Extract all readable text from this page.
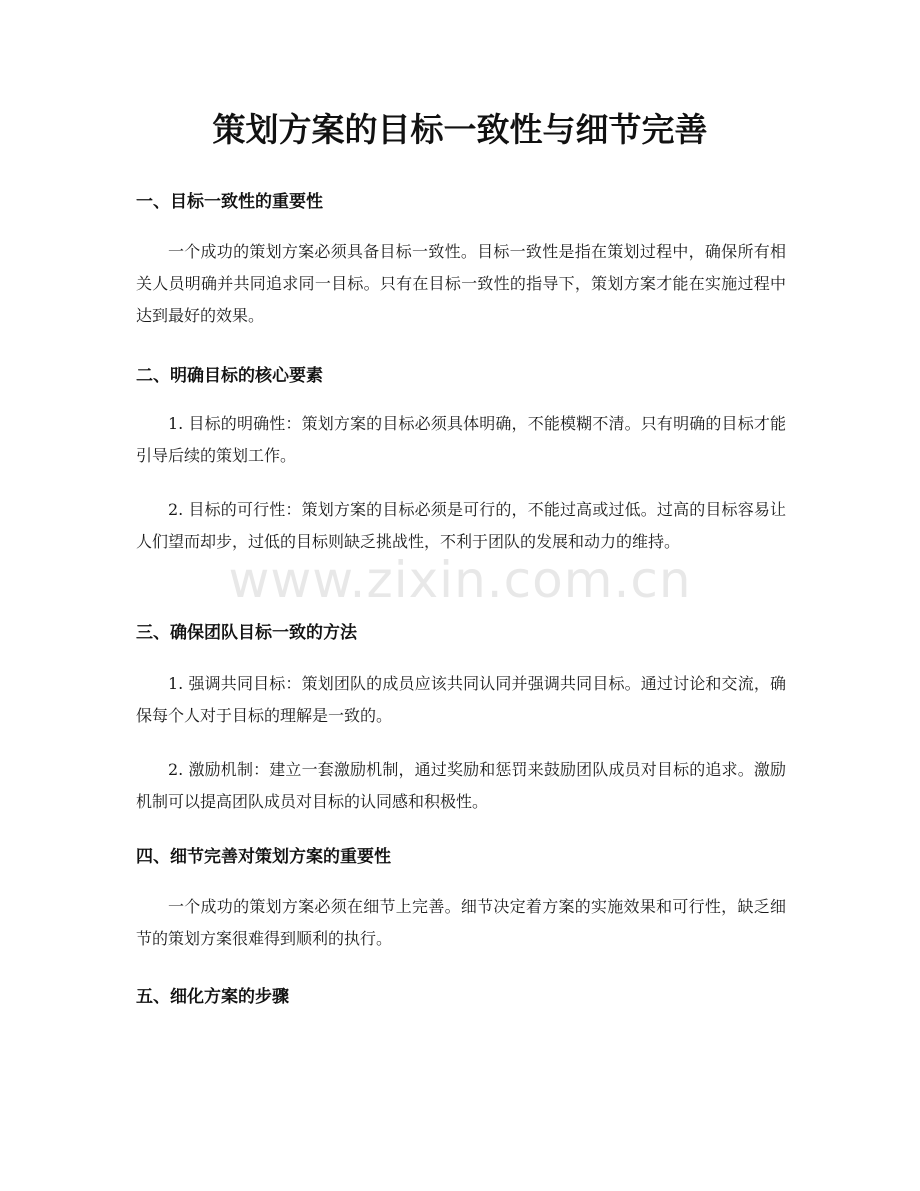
策划方案的目标一致性与细节完善
一、目标一致性的重要性

一个成功的策划方案必须具备目标一致性。目标一致性是指在策划过程中，确保所有相关人员明确并共同追求同一目标。只有在目标一致性的指导下，策划方案才能在实施过程中达到最好的效果。

二、明确目标的核心要素

1. 目标的明确性：策划方案的目标必须具体明确，不能模糊不清。只有明确的目标才能引导后续的策划工作。

2. 目标的可行性：策划方案的目标必须是可行的，不能过高或过低。过高的目标容易让人们望而却步，过低的目标则缺乏挑战性，不利于团队的发展和动力的维持。

三、确保团队目标一致的方法

1. 强调共同目标：策划团队的成员应该共同认同并强调共同目标。通过讨论和交流，确保每个人对于目标的理解是一致的。

2. 激励机制：建立一套激励机制，通过奖励和惩罚来鼓励团队成员对目标的追求。激励机制可以提高团队成员对目标的认同感和积极性。

四、细节完善对策划方案的重要性

一个成功的策划方案必须在细节上完善。细节决定着方案的实施效果和可行性，缺乏细节的策划方案很难得到顺利的执行。

五、细化方案的步骤
www.zixin.com.cn
